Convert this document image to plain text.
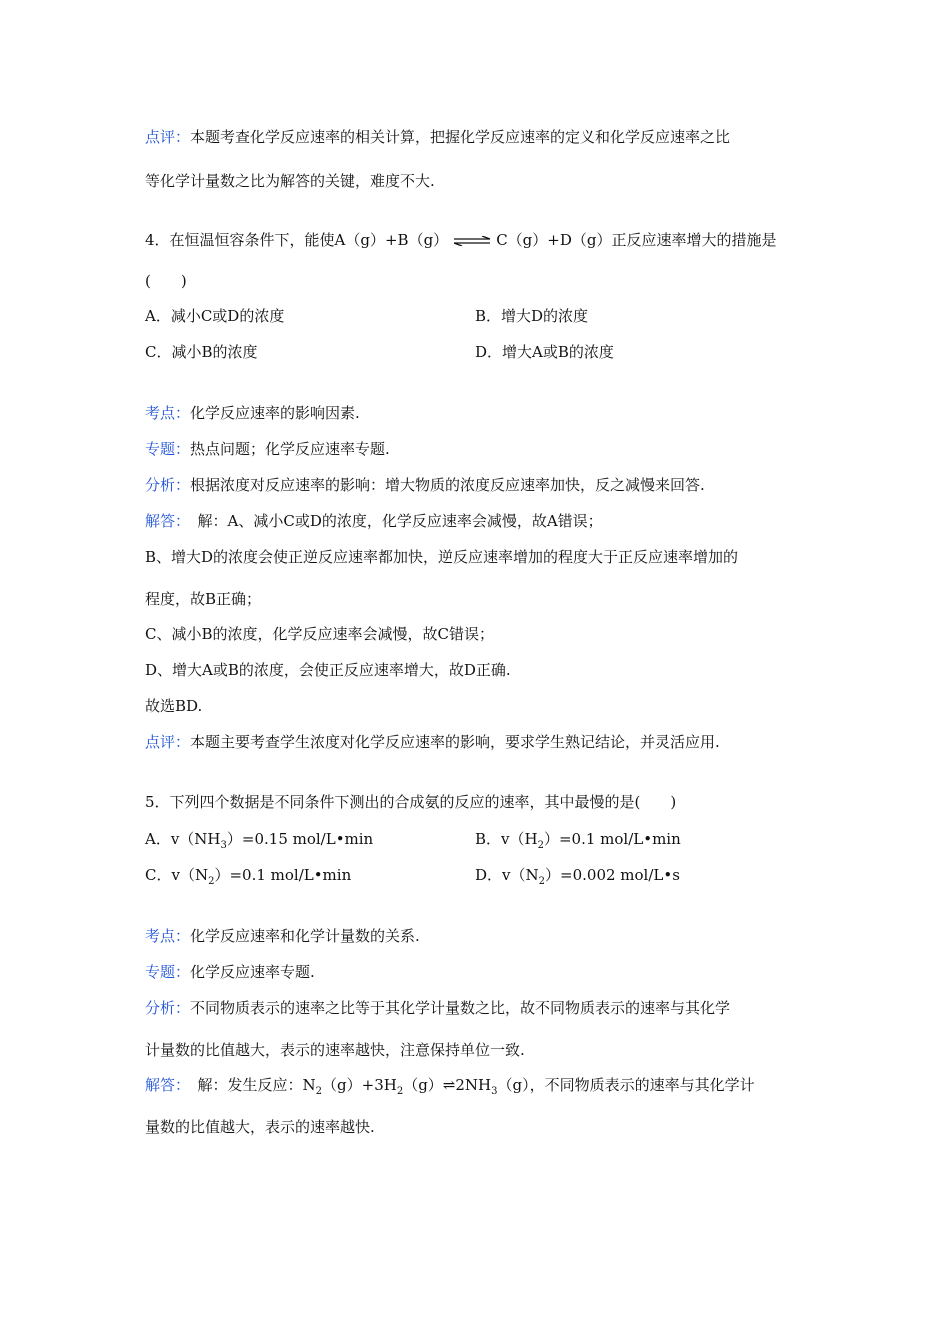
点评：本题考查化学反应速率的相关计算，把握化学反应速率的定义和化学反应速率之比
等化学计量数之比为解答的关键，难度不大.
4．在恒温恒容条件下，能使A（g）+B（g） ⇌ C（g）+D（g）正反应速率增大的措施是
(　　)
A．减小C或D的浓度	B．增大D的浓度
C．减小B的浓度	D．增大A或B的浓度
考点：化学反应速率的影响因素.
专题：热点问题；化学反应速率专题.
分析：根据浓度对反应速率的影响：增大物质的浓度反应速率加快，反之减慢来回答.
解答：　解：A、减小C或D的浓度，化学反应速率会减慢，故A错误；
B、增大D的浓度会使正逆反应速率都加快，逆反应速率增加的程度大于正反应速率增加的
程度，故B正确；
C、减小B的浓度，化学反应速率会减慢，故C错误；
D、增大A或B的浓度，会使正反应速率增大，故D正确.
故选BD.
点评：本题主要考查学生浓度对化学反应速率的影响，要求学生熟记结论，并灵活应用.
5．下列四个数据是不同条件下测出的合成氨的反应的速率，其中最慢的是(　　)
A．$v(NH_3)=0.15$ mol/L•min	B．$v(H_2)=0.1$ mol/L•min
C．$v(N_2)=0.1$ mol/L•min	D．$v(N_2)=0.002$ mol/L•s
考点：化学反应速率和化学计量数的关系.
专题：化学反应速率专题.
分析：不同物质表示的速率之比等于其化学计量数之比，故不同物质表示的速率与其化学
计量数的比值越大，表示的速率越快，注意保持单位一致.
解答：　解：发生反应：$N_2(g)+3H_2(g)\rightleftharpoons 2NH_3(g)$，不同物质表示的速率与其化学计
量数的比值越大，表示的速率越快.
